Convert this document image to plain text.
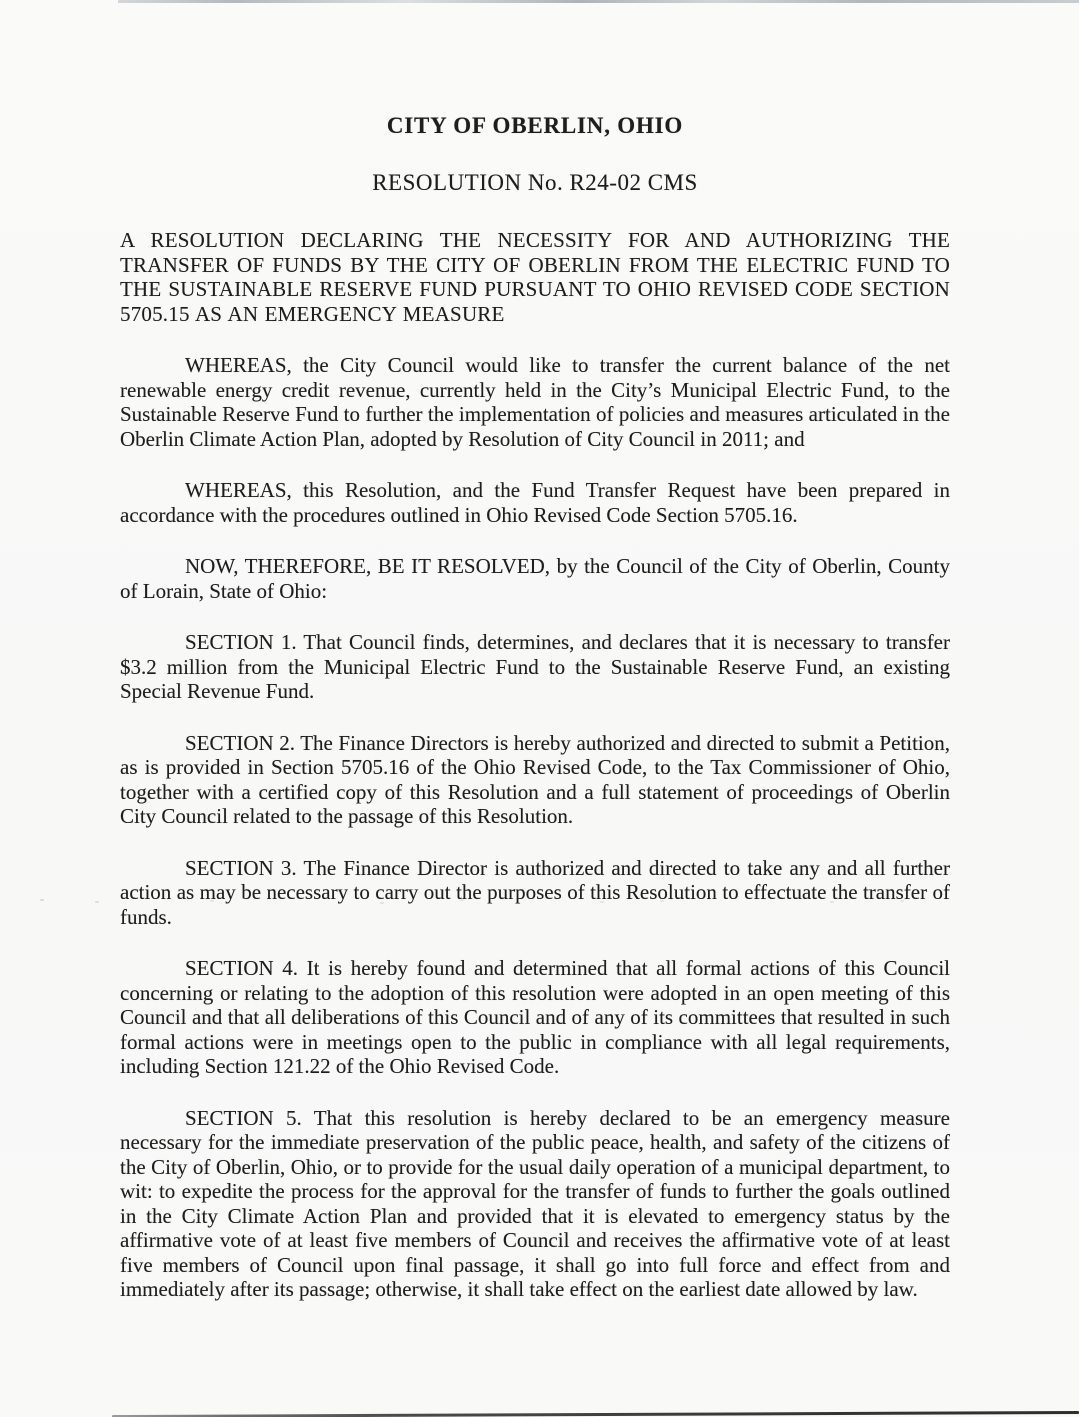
CITY OF OBERLIN, OHIO
RESOLUTION No. R24-02 CMS
A RESOLUTION DECLARING THE NECESSITY FOR AND AUTHORIZING THE TRANSFER OF FUNDS BY THE CITY OF OBERLIN FROM THE ELECTRIC FUND TO THE SUSTAINABLE RESERVE FUND PURSUANT TO OHIO REVISED CODE SECTION 5705.15 AS AN EMERGENCY MEASURE
WHEREAS, the City Council would like to transfer the current balance of the net renewable energy credit revenue, currently held in the City’s Municipal Electric Fund, to the Sustainable Reserve Fund to further the implementation of policies and measures articulated in the Oberlin Climate Action Plan, adopted by Resolution of City Council in 2011; and
WHEREAS, this Resolution, and the Fund Transfer Request have been prepared in accordance with the procedures outlined in Ohio Revised Code Section 5705.16.
NOW, THEREFORE, BE IT RESOLVED, by the Council of the City of Oberlin, County of Lorain, State of Ohio:
SECTION 1. That Council finds, determines, and declares that it is necessary to transfer $3.2 million from the Municipal Electric Fund to the Sustainable Reserve Fund, an existing Special Revenue Fund.
SECTION 2. The Finance Directors is hereby authorized and directed to submit a Petition, as is provided in Section 5705.16 of the Ohio Revised Code, to the Tax Commissioner of Ohio, together with a certified copy of this Resolution and a full statement of proceedings of Oberlin City Council related to the passage of this Resolution.
SECTION 3. The Finance Director is authorized and directed to take any and all further action as may be necessary to carry out the purposes of this Resolution to effectuate the transfer of funds.
SECTION 4. It is hereby found and determined that all formal actions of this Council concerning or relating to the adoption of this resolution were adopted in an open meeting of this Council and that all deliberations of this Council and of any of its committees that resulted in such formal actions were in meetings open to the public in compliance with all legal requirements, including Section 121.22 of the Ohio Revised Code.
SECTION 5. That this resolution is hereby declared to be an emergency measure necessary for the immediate preservation of the public peace, health, and safety of the citizens of the City of Oberlin, Ohio, or to provide for the usual daily operation of a municipal department, to wit: to expedite the process for the approval for the transfer of funds to further the goals outlined in the City Climate Action Plan and provided that it is elevated to emergency status by the affirmative vote of at least five members of Council and receives the affirmative vote of at least five members of Council upon final passage, it shall go into full force and effect from and immediately after its passage; otherwise, it shall take effect on the earliest date allowed by law.
